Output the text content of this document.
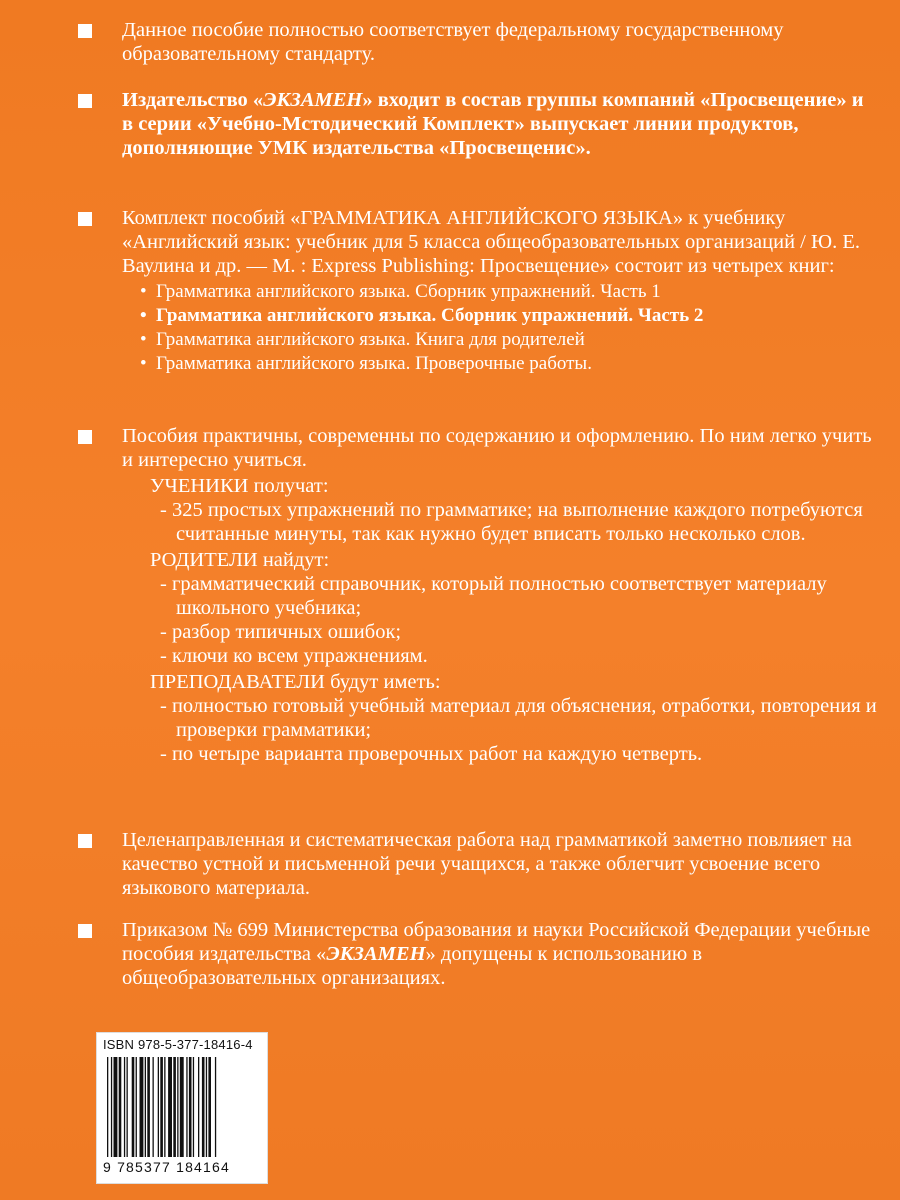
Данное пособие полностью соответствует федеральному государственному образовательному стандарту.
Издательство «ЭКЗАМЕН» входит в состав группы компаний «Просвещение» и в серии «Учебно-Мстодический Комплект» выпускает линии продуктов, дополняющие УМК издательства «Просвещенис».
Комплект пособий «ГРАММАТИКА АНГЛИЙСКОГО ЯЗЫКА» к учебнику «Английский язык: учебник для 5 класса общеобразовательных организаций / Ю. Е. Ваулина и др. — М. : Express Publishing: Просвещение» состоит из четырех книг:
• Грамматика английского языка. Сборник упражнений. Часть 1
• Грамматика английского языка. Сборник упражнений. Часть 2
• Грамматика английского языка. Книга для родителей
• Грамматика английского языка. Проверочные работы.
Пособия практичны, современны по содержанию и оформлению. По ним легко учить и интересно учиться.
УЧЕНИКИ получат:
- 325 простых упражнений по грамматике; на выполнение каждого потребуются считанные минуты, так как нужно будет вписать только несколько слов.
РОДИТЕЛИ найдут:
- грамматический справочник, который полностью соответствует материалу школьного учебника;
- разбор типичных ошибок;
- ключи ко всем упражнениям.
ПРЕПОДАВАТЕЛИ будут иметь:
- полностью готовый учебный материал для объяснения, отработки, повторения и проверки грамматики;
- по четыре варианта проверочных работ на каждую четверть.
Целенаправленная и систематическая работа над грамматикой заметно повлияет на качество устной и письменной речи учащихся, а также облегчит усвоение всего языкового материала.
Приказом № 699 Министерства образования и науки Российской Федерации учебные пособия издательства «ЭКЗАМЕН» допущены к использованию в общеобразовательных организациях.
ISBN 978-5-377-18416-4
9 785377 184164
